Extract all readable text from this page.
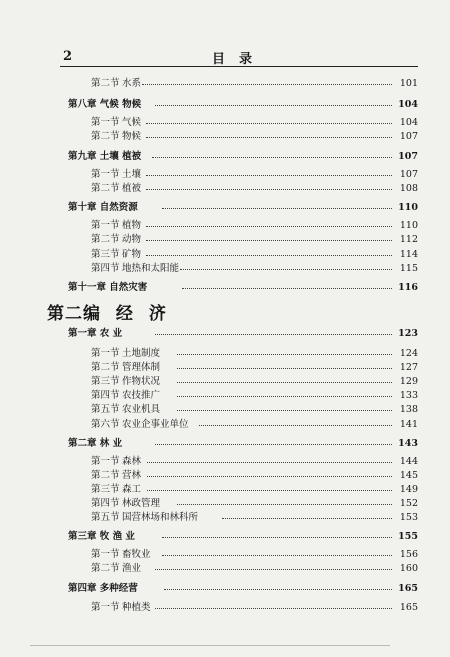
2	目录
第二编 经 济
第二节 水系	101
第八章 气候 物候	104
第一节 气候	104
第二节 物候	107
第九章 土壤 植被	107
第一节 土壤	107
第二节 植被	108
第十章 自然资源	110
第一节 植物	110
第二节 动物	112
第三节 矿物	114
第四节 地热和太阳能	115
第十一章 自然灾害	116
第一章 农 业	123
第一节 土地制度	124
第二节 管理体制	127
第三节 作物状况	129
第四节 农技推广	133
第五节 农业机具	138
第六节 农业企事业单位	141
第二章 林 业	143
第一节 森林	144
第二节 营林	145
第三节 森工	149
第四节 林政管理	152
第五节 国营林场和林科所	153
第三章 牧 渔 业	155
第一节 畜牧业	156
第二节 渔业	160
第四章 多种经营	165
第一节 种植类	165
